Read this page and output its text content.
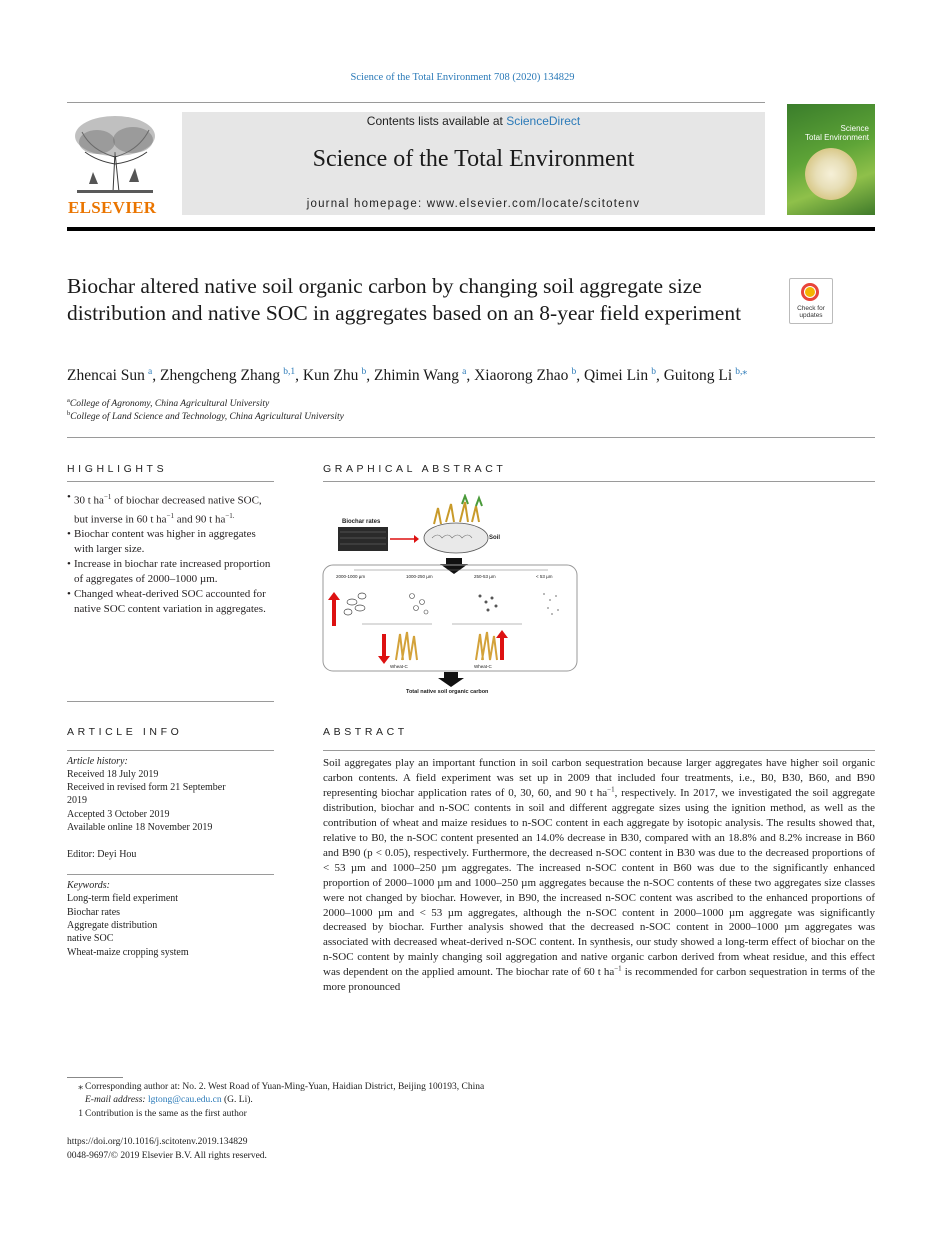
Science of the Total Environment 708 (2020) 134829
ELSEVIER
Contents lists available at ScienceDirect
Science of the Total Environment
journal homepage: www.elsevier.com/locate/scitotenv
Science
Total Environment
Biochar altered native soil organic carbon by changing soil aggregate size distribution and native SOC in aggregates based on an 8-year field experiment	Check for
updates
Zhencai Sun  $^a$, Zhengcheng Zhang  $^{b,1}$, Kun Zhu  $^b$, Zhimin Wang  $^a$, Xiaorong Zhao  $^b$, Qimei Lin  $^b$, Guitong Li  $^{b,⁎}$
$^a$College of Agronomy, China Agricultural University
$^b$College of Land Science and Technology, China Agricultural University
HIGHLIGHTS
• 30 t $ha^{-1}$ of biochar decreased native SOC, but inverse in 60 t $ha^{-1}$ and 90 t $ha^{-1.}$
• Biochar content was higher in aggregates with larger size.
• Increase in biochar rate increased proportion of aggregates of 2000–1000 µm.
• Changed wheat-derived SOC accounted for native SOC content variation in aggregates.
GRAPHICAL ABSTRACT
Biochar rates
Soil
2000-1000 µm	1000-250 µm	250-53 µm	< 53 µm
Wheat-C	Wheat-C
Total native soil organic carbon
ARTICLE INFO
Article history:
Received 18 July 2019
Received in revised form 21 September
2019
Accepted 3 October 2019
Available online 18 November 2019
Editor: Deyi Hou
Keywords:
Long-term field experiment
Biochar rates
Aggregate distribution
native SOC
Wheat-maize cropping system
ABSTRACT
Soil aggregates play an important function in soil carbon sequestration because larger aggregates have higher soil organic carbon contents. A field experiment was set up in 2009 that included four treatments, i.e., B0, B30, B60, and B90 representing biochar application rates of 0, 30, 60, and 90 t $ha^{-1}$, respectively. In 2017, we investigated the soil aggregate distribution, biochar and n-SOC contents in soil and different aggregate sizes using the ignition method, as well as the contribution of wheat and maize residues to n-SOC content in each aggregate by isotopic analysis. The results showed that, relative to B0, the n-SOC content presented an 14.0% decrease in B30, compared with an 18.8% and 8.2% increase in B60 and B90 (p < 0.05), respectively. Furthermore, the decreased n-SOC content in B30 was due to the decreased proportions of < 53 µm and 1000–250 µm aggregates. The increased n-SOC content in B60 was due to the significantly enhanced proportion of 2000–1000 µm and 1000–250 µm aggregates because the n-SOC contents of these two aggregates size classes were not changed by biochar. However, in B90, the increased n-SOC content was ascribed to the enhanced proportions of 2000–1000 µm and < 53 µm aggregates, although the n-SOC content in 2000–1000 µm aggregate was significantly decreased by biochar. Further analysis showed that the decreased n-SOC content in 2000–1000 µm aggregates was associated with decreased wheat-derived n-SOC content. In synthesis, our study showed a long-term effect of biochar on the n-SOC content by mainly changing soil aggregation and native organic carbon derived from wheat residue, and this effect was dependent on the applied amount. The biochar rate of 60 t $ha^{-1}$ is recommended for carbon sequestration in terms of the more pronounced
⁎ Corresponding author at: No. 2. West Road of Yuan-Ming-Yuan, Haidian District, Beijing 100193, China
E-mail address: lgtong@cau.edu.cn (G. Li).
1 Contribution is the same as the first author
https://doi.org/10.1016/j.scitotenv.2019.134829
0048-9697/© 2019 Elsevier B.V. All rights reserved.
